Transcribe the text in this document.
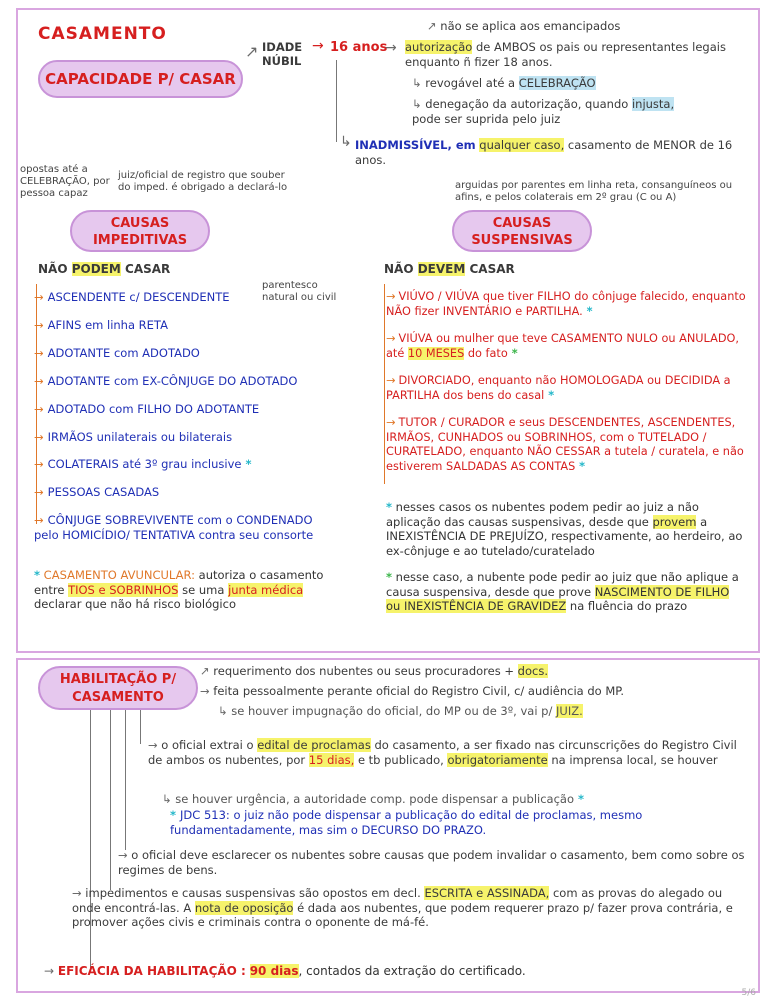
CASAMENTO
CAPACIDADE P/ CASAR
↗ IDADE NÚBIL
→ 16 anos
→
↗ não se aplica aos emancipados
autorização de AMBOS os pais ou representantes legais enquanto ñ fizer 18 anos.
↳ revogável até a CELEBRAÇÃO
↳ denegação da autorização, quando injusta,
pode ser suprida pelo juiz
↳ INADMISSÍVEL, em qualquer caso, casamento de MENOR de 16 anos.
opostas até a CELEBRAÇÃO, por pessoa capaz
juiz/oficial de registro que souber do imped. é obrigado a declará-lo
CAUSAS IMPEDITIVAS
arguidas por parentes em linha reta, consanguíneos ou afins, e pelos colaterais em 2º grau (C ou A)
CAUSAS SUSPENSIVAS
NÃO PODEM CASAR
parentesco natural ou civil
→ ASCENDENTE c/ DESCENDENTE
→ AFINS em linha RETA
→ ADOTANTE com ADOTADO
→ ADOTANTE com EX-CÔNJUGE DO ADOTADO
→ ADOTADO com FILHO DO ADOTANTE
→ IRMÃOS unilaterais ou bilaterais
→ COLATERAIS até 3º grau inclusive *
→ PESSOAS CASADAS
→ CÔNJUGE SOBREVIVENTE com o CONDENADO
pelo HOMICÍDIO/ TENTATIVA contra seu consorte
* CASAMENTO AVUNCULAR: autoriza o casamento
entre TIOS e SOBRINHOS se uma junta médica
declarar que não há risco biológico
NÃO DEVEM CASAR
→ VIÚVO / VIÚVA que tiver FILHO do cônjuge falecido, enquanto NÃO fizer INVENTÁRIO e PARTILHA. *
→ VIÚVA ou mulher que teve CASAMENTO NULO ou ANULADO, até 10 MESES do fato *
→ DIVORCIADO, enquanto não HOMOLOGADA ou DECIDIDA a PARTILHA dos bens do casal *
→ TUTOR / CURADOR e seus DESCENDENTES, ASCENDENTES, IRMÃOS, CUNHADOS ou SOBRINHOS, com o TUTELADO / CURATELADO, enquanto NÃO CESSAR a tutela / curatela, e não estiverem SALDADAS AS CONTAS *
* nesses casos os nubentes podem pedir ao juiz a não aplicação das causas suspensivas, desde que provem a INEXISTÊNCIA DE PREJUÍZO, respectivamente, ao herdeiro, ao ex-cônjuge e ao tutelado/curatelado
* nesse caso, a nubente pode pedir ao juiz que não aplique a causa suspensiva, desde que prove NASCIMENTO DE FILHO ou INEXISTÊNCIA DE GRAVIDEZ na fluência do prazo
HABILITAÇÃO P/ CASAMENTO
↗ requerimento dos nubentes ou seus procuradores + docs.
→ feita pessoalmente perante oficial do Registro Civil, c/ audiência do MP.
↳ se houver impugnação do oficial, do MP ou de 3º, vai p/ JUIZ.
→ o oficial extrai o edital de proclamas do casamento, a ser fixado nas circunscrições do Registro Civil de ambos os nubentes, por 15 dias, e tb publicado, obrigatoriamente na imprensa local, se houver
↳ se houver urgência, a autoridade comp. pode dispensar a publicação *
* JDC 513: o juiz não pode dispensar a publicação do edital de proclamas, mesmo fundamentadamente, mas sim o DECURSO DO PRAZO.
→ o oficial deve esclarecer os nubentes sobre causas que podem invalidar o casamento, bem como sobre os regimes de bens.
→ impedimentos e causas suspensivas são opostos em decl. ESCRITA e ASSINADA, com as provas do alegado ou onde encontrá-las. A nota de oposição é dada aos nubentes, que podem requerer prazo p/ fazer prova contrária, e promover ações civis e criminais contra o oponente de má-fé.
→ EFICÁCIA DA HABILITAÇÃO : 90 dias, contados da extração do certificado.
5/6
